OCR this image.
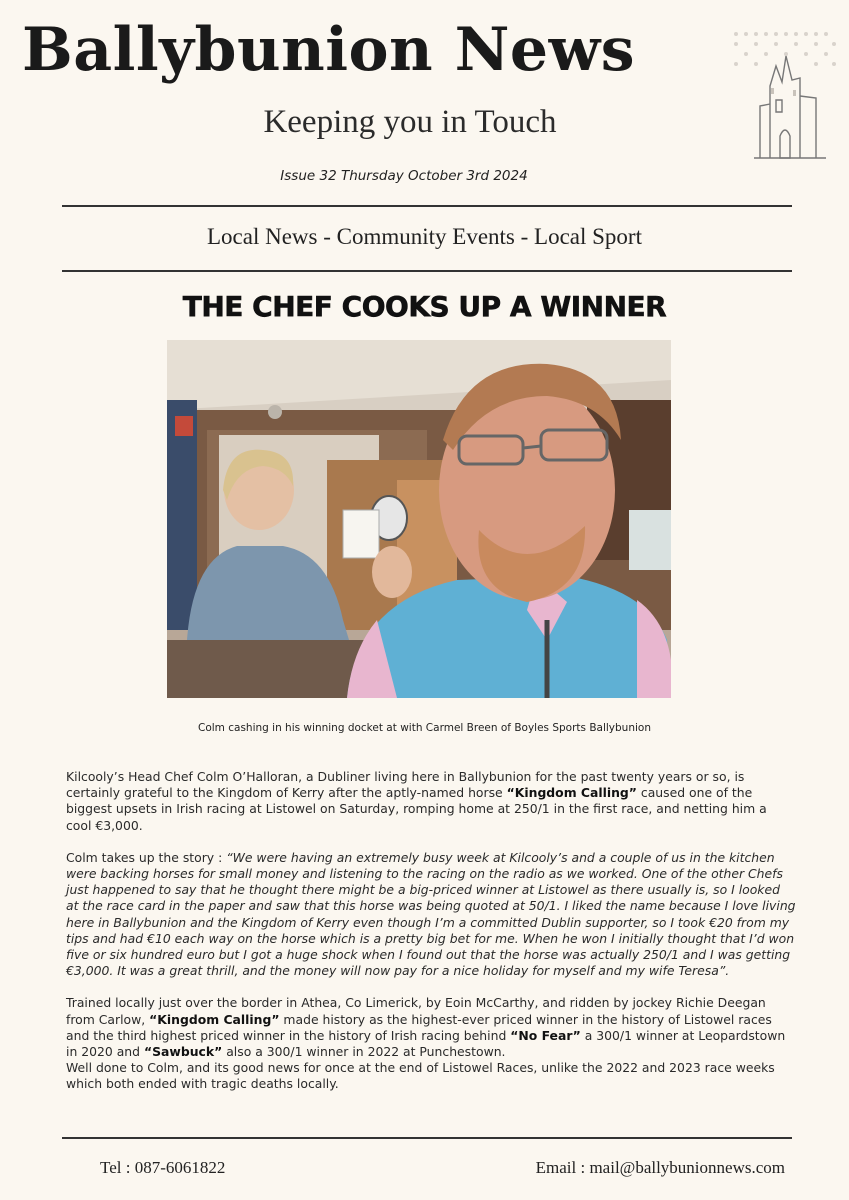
Ballybunion News
Keeping you in Touch
Issue 32 Thursday October 3rd 2024
Local News - Community Events - Local Sport
THE CHEF COOKS UP A WINNER
Colm cashing in his winning docket at with Carmel Breen of Boyles Sports Ballybunion

Kilcooly’s Head Chef Colm O’Halloran, a Dubliner living here in Ballybunion for the past twenty years or so, is certainly grateful to the Kingdom of Kerry after the aptly-named horse “Kingdom Calling” caused one of the biggest upsets in Irish racing at Listowel on Saturday, romping home at 250/1 in the first race, and netting him a cool €3,000.

Colm takes up the story : “We were having an extremely busy week at Kilcooly’s and a couple of us in the kitchen were backing horses for small money and listening to the racing on the radio as we worked. One of the other Chefs just happened to say that he thought there might be a big-priced winner at Listowel as there usually is, so I looked at the race card in the paper and saw that this horse was being quoted at 50/1. I liked the name because I love living here in Ballybunion and the Kingdom of Kerry even though I’m a committed Dublin supporter, so I took €20 from my tips and had €10 each way on the horse which is a pretty big bet for me. When he won I initially thought that I’d won five or six hundred euro but I got a huge shock when I found out that the horse was actually 250/1 and I was getting €3,000. It was a great thrill, and the money will now pay for a nice holiday for myself and my wife Teresa”.

Trained locally just over the border in Athea, Co Limerick, by Eoin McCarthy, and ridden by jockey Richie Deegan from Carlow, “Kingdom Calling” made history as the highest-ever priced winner in the history of Listowel races and the third highest priced winner in the history of Irish racing behind “No Fear” a 300/1 winner at Leopardstown in 2020 and “Sawbuck” also a 300/1 winner in 2022 at Punchestown.

Well done to Colm, and its good news for once at the end of Listowel Races, unlike the 2022 and 2023 race weeks which both ended with tragic deaths locally.

Tel : 087-6061822	Email : mail@ballybunionnews.com
